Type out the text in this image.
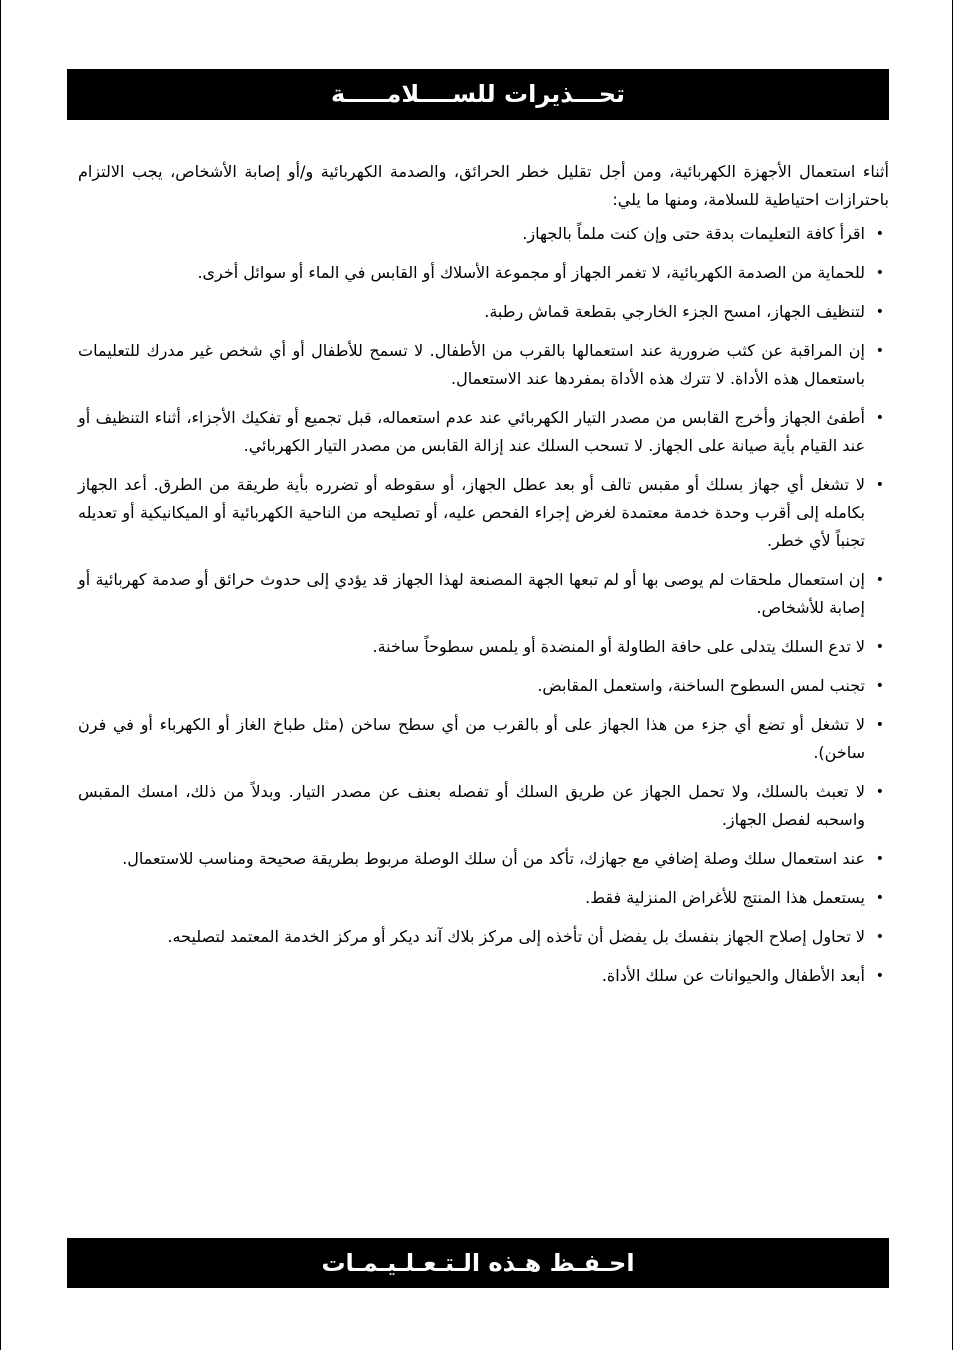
تحـــذيرات للســــلامـــــة

أثناء استعمال الأجهزة الكهربائية، ومن أجل تقليل خطر الحرائق، والصدمة الكهربائية و/أو إصابة الأشخاص، يجب الالتزام باحترازات احتياطية للسلامة، ومنها ما يلي:

•
اقرأ كافة التعليمات بدقة حتى وإن كنت ملماً بالجهاز.
•
للحماية من الصدمة الكهربائية، لا تغمر الجهاز أو مجموعة الأسلاك أو القابس في الماء أو سوائل أخرى.
•
لتنظيف الجهاز، امسح الجزء الخارجي بقطعة قماش رطبة.
•
إن المراقبة عن كثب ضرورية عند استعمالها بالقرب من الأطفال. لا تسمح للأطفال أو أي شخص غير مدرك للتعليمات باستعمال هذه الأداة. لا تترك هذه الأداة بمفردها عند الاستعمال.
•
أطفئ الجهاز وأخرج القابس من مصدر التيار الكهربائي عند عدم استعماله، قبل تجميع أو تفكيك الأجزاء، أثناء التنظيف أو عند القيام بأية صيانة على الجهاز. لا تسحب السلك عند إزالة القابس من مصدر التيار الكهربائي.
•
لا تشغل أي جهاز بسلك أو مقبس تالف أو بعد عطل الجهاز، أو سقوطه أو تضرره بأية طريقة من الطرق. أعد الجهاز بكامله إلى أقرب وحدة خدمة معتمدة لغرض إجراء الفحص عليه، أو تصليحه من الناحية الكهربائية أو الميكانيكية أو تعديله تجنباً لأي خطر.
•
إن استعمال ملحقات لم يوصى بها أو لم تبعها الجهة المصنعة لهذا الجهاز قد يؤدي إلى حدوث حرائق أو صدمة كهربائية أو إصابة للأشخاص.
•
لا تدع السلك يتدلى على حافة الطاولة أو المنضدة أو يلمس سطوحاً ساخنة.
•
تجنب لمس السطوح الساخنة، واستعمل المقابض.
•
لا تشغل أو تضع أي جزء من هذا الجهاز على أو بالقرب من أي سطح ساخن (مثل طباخ الغاز أو الكهرباء أو في فرن ساخن).
•
لا تعبث بالسلك، ولا تحمل الجهاز عن طريق السلك أو تفصله بعنف عن مصدر التيار. وبدلاً من ذلك، امسك المقبس واسحبه لفصل الجهاز.
•
عند استعمال سلك وصلة إضافي مع جهازك، تأكد من أن سلك الوصلة مربوط بطريقة صحيحة ومناسب للاستعمال.
•
يستعمل هذا المنتج للأغراض المنزلية فقط.
•
لا تحاول إصلاح الجهاز بنفسك بل يفضل أن تأخذه إلى مركز بلاك آند ديكر أو مركز الخدمة المعتمد لتصليحه.
•
أبعد الأطفال والحيوانات عن سلك الأداة.
احـفـظ هـذه الـتـعـلـيـمـات
